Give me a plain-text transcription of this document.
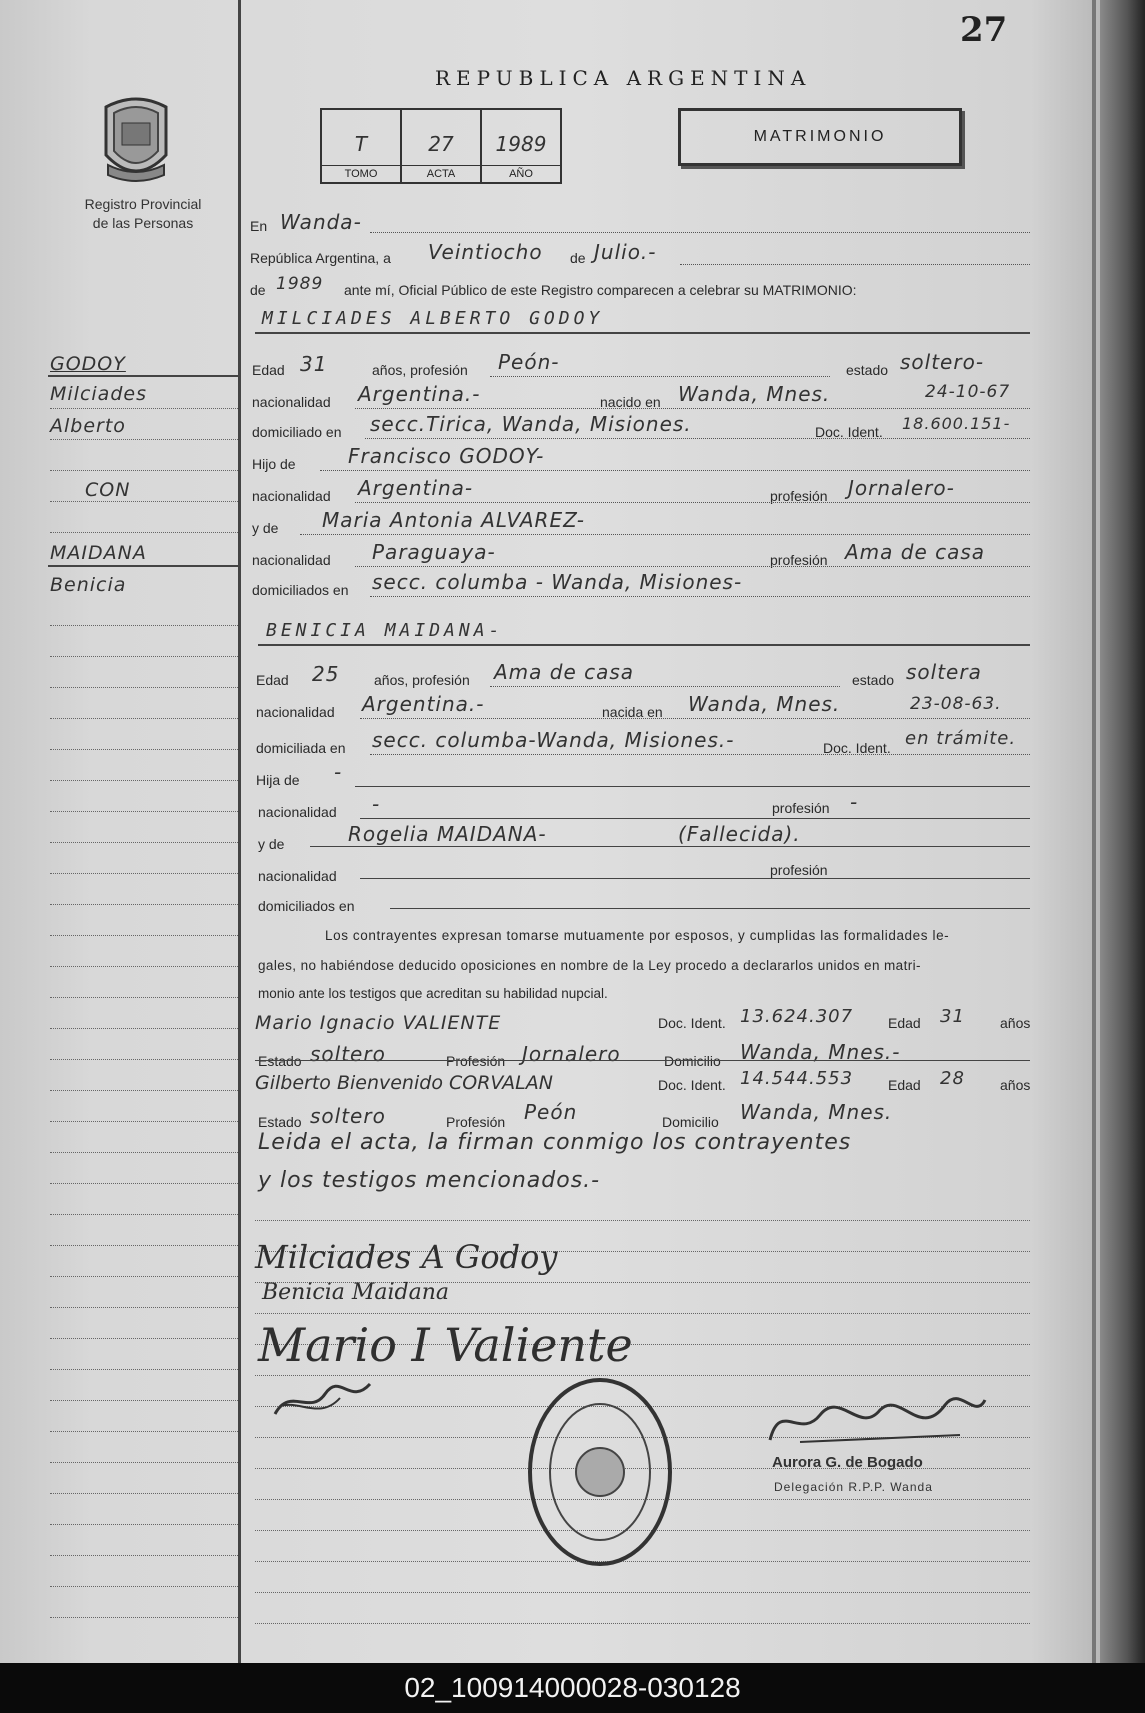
27
REPUBLICA ARGENTINA
Registro Provincial
de las Personas
T
TOMO
27
ACTA
1989
AÑO
MATRIMONIO
GODOY
Milciades
Alberto
CON
MAIDANA
Benicia
En Wanda-
República Argentina, a Veintiocho de Julio.-
de 1989 ante mí, Oficial Público de este Registro comparecen a celebrar su MATRIMONIO:
MILCIADES ALBERTO GODOY
Edad 31	años, profesión Peón-	estado soltero-
nacionalidad Argentina.-	nacido en Wanda, Mnes.	24-10-67
domiciliado en secc.Tirica, Wanda, Misiones.	Doc. Ident. 18.600.151-
Hijo de	Francisco GODOY-
nacionalidad Argentina-	profesión Jornalero-
y de Maria Antonia ALVAREZ-
nacionalidad Paraguaya-	profesión Ama de casa
domiciliados en secc. columba - Wanda, Misiones-
BENICIA MAIDANA-
Edad 25 años, profesión Ama de casa	estado soltera
nacionalidad Argentina.-	nacida en Wanda, Mnes.	23-08-63.
domiciliada en secc. columba-Wanda, Misiones.-	Doc. Ident. en trámite.
Hija de -
nacionalidad -	profesión -
y de	Rogelia MAIDANA-	(Fallecida).
nacionalidad	profesión
domiciliados en
Los contrayentes expresan tomarse mutuamente por esposos, y cumplidas las formalidades le-
gales, no habiéndose deducido oposiciones en nombre de la Ley procedo a declararlos unidos en matri-
monio ante los testigos que acreditan su habilidad nupcial.
Mario Ignacio VALIENTE	Doc. Ident. 13.624.307 Edad 31	años
Estado soltero	Profesión Jornalero	Domicilio Wanda, Mnes.-
Gilberto Bienvenido CORVALAN	Doc. Ident. 14.544.553 Edad 28	años
Estado soltero	Profesión Peón	Domicilio Wanda, Mnes.
Leida el acta, la firman conmigo los contrayentes
y los testigos mencionados.-
Milciades A Godoy
Benicia Maidana
Mario I Valiente
Aurora G. de Bogado
Delegación R.P.P. Wanda
02_100914000028-030128
